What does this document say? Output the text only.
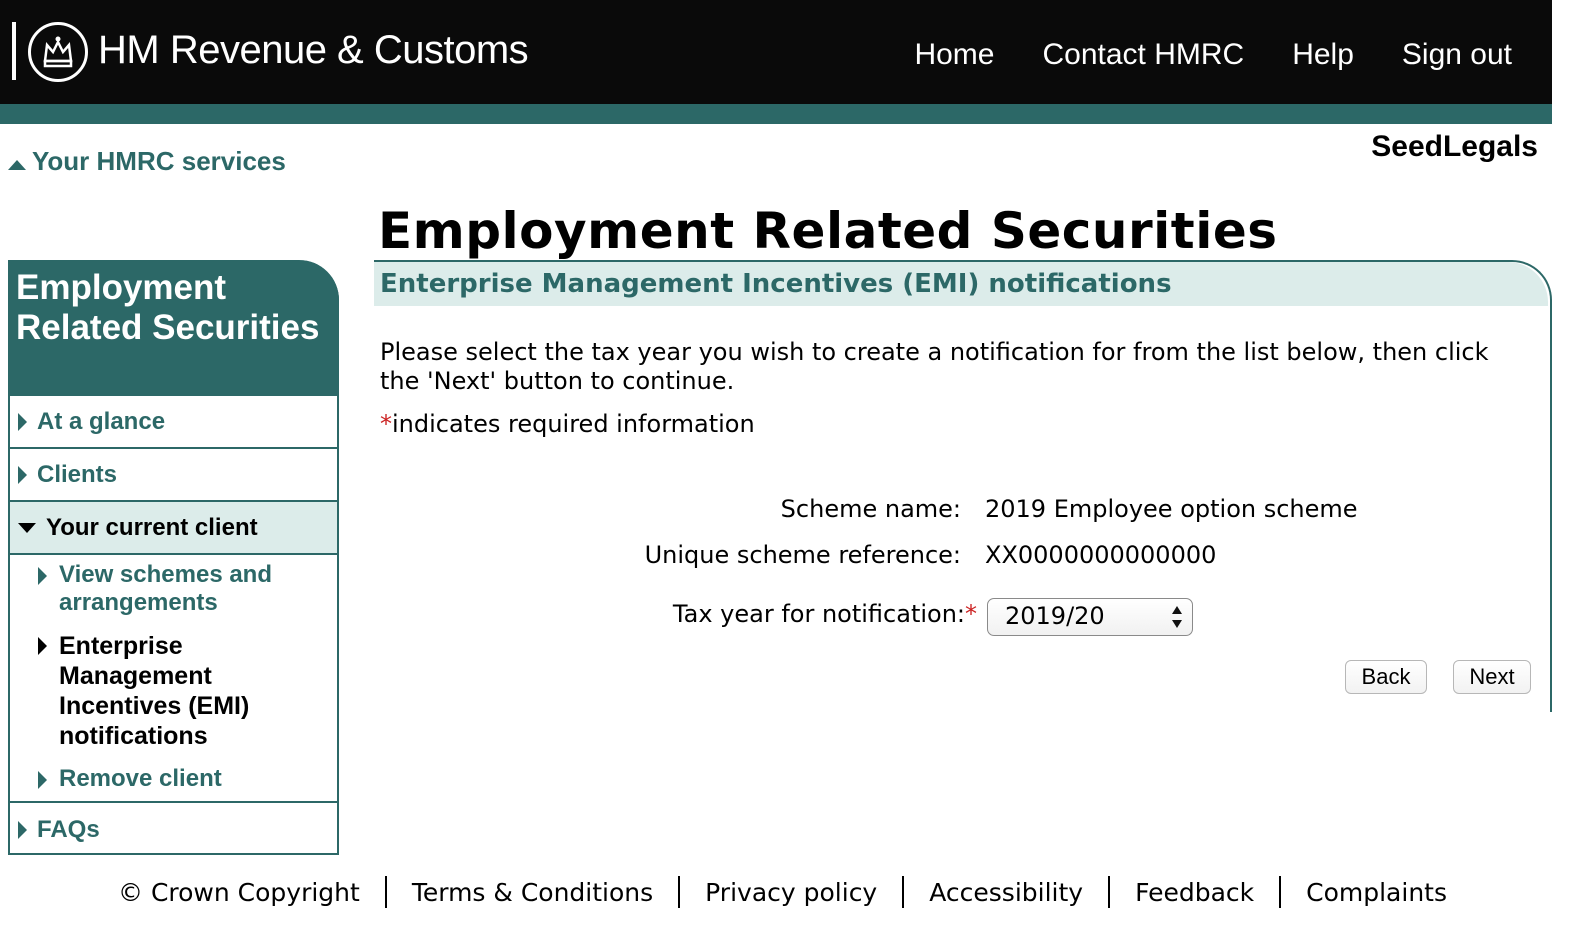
HM Revenue & Customs	Home Contact HMRC Help Sign out
Your HMRC services	SeedLegals
Employment Related Securities
At a glance
Clients
Your current client
View schemes and arrangements
Enterprise Management Incentives (EMI) notifications
Remove client
FAQs
Employment Related Securities
Enterprise Management Incentives (EMI) notifications

Please select the tax year you wish to create a notification for from the list below, then click the 'Next' button to continue.

*indicates required information
Scheme name: 2019 Employee option scheme
Unique scheme reference: XX0000000000000
Tax year for notification:*	2019/20
Back	Next
© Crown Copyright Terms & Conditions Privacy policy Accessibility Feedback Complaints
